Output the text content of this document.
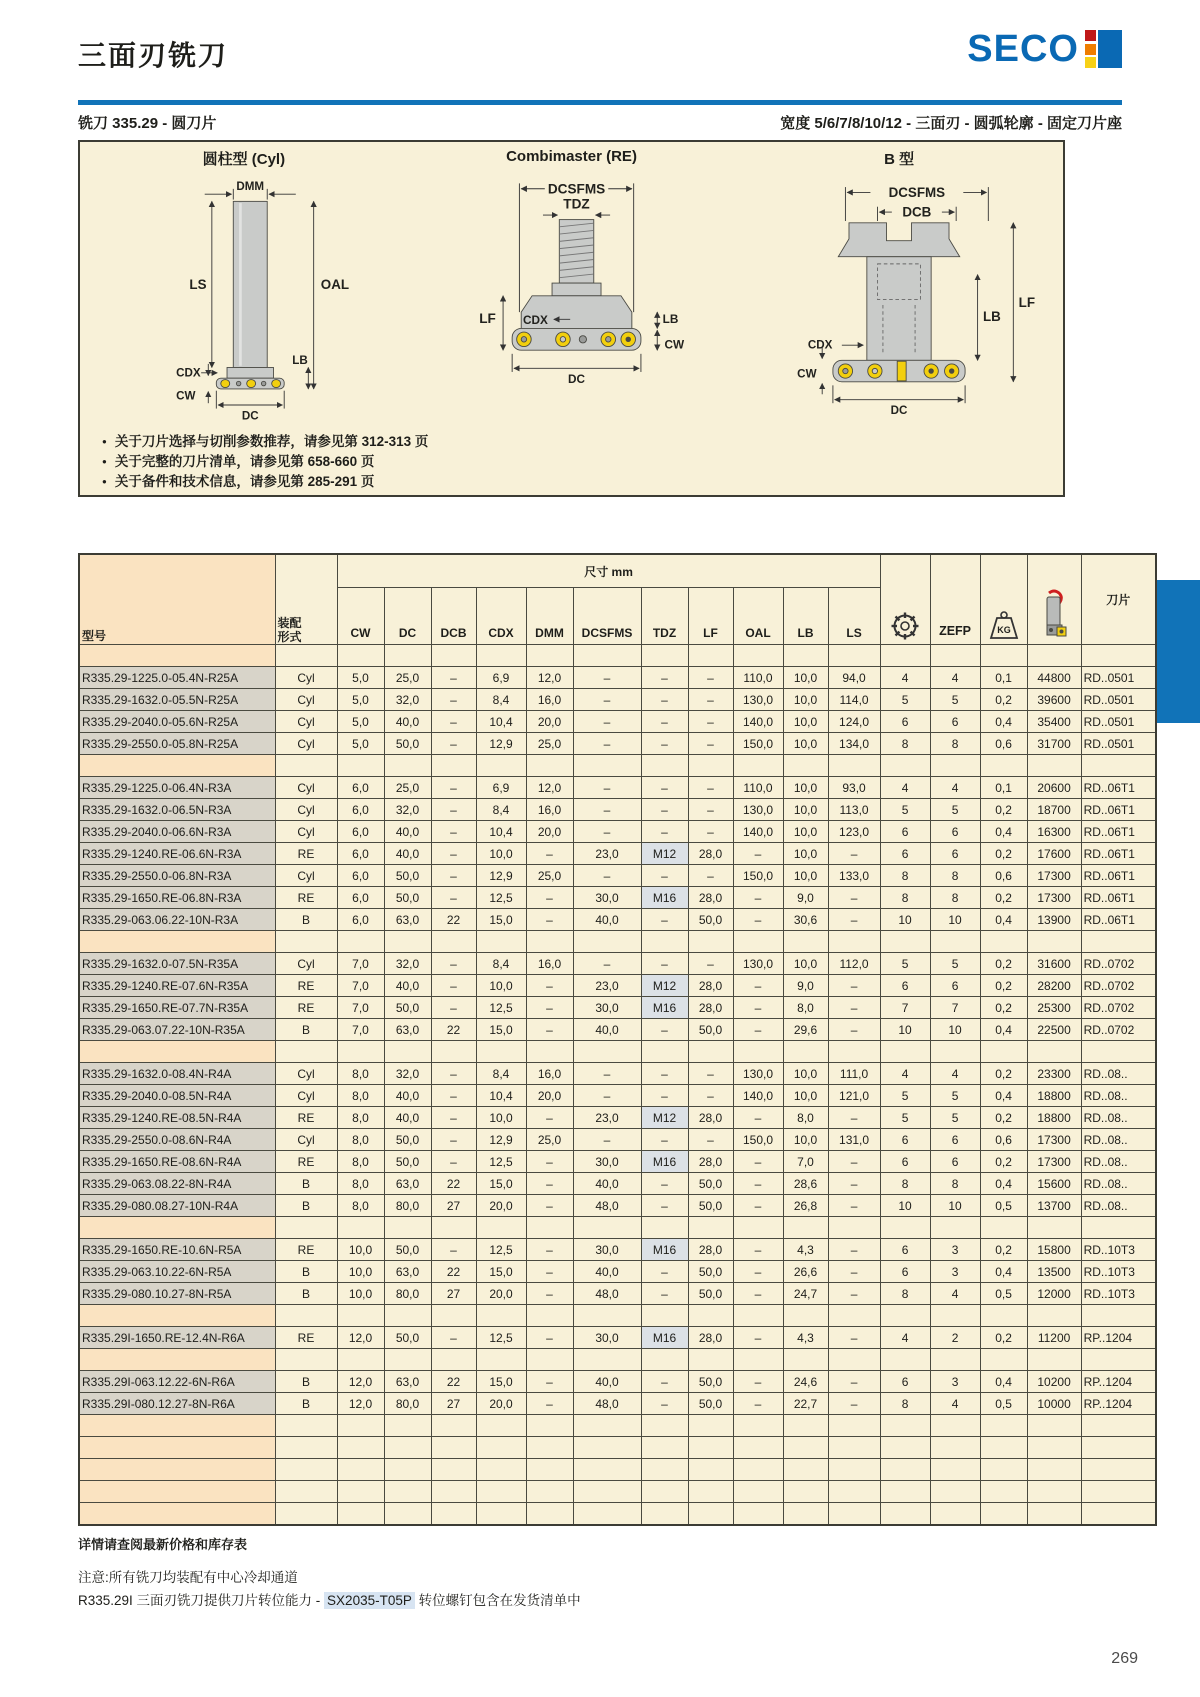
三面刃铣刀	SECO
铣刀 335.29 - 圆刀片	宽度 5/6/7/8/10/12 - 三面刃 - 圆弧轮廓 - 固定刀片座
圆柱型 (Cyl)
DMM
LS	OAL
CDX
CW
LB
DC
Combimaster (RE)
DCSFMS
TDZ
LF CDX	LB
CW
DC
B 型
DCSFMS
DCB
CDX
CW
LB
LF
DC
● 关于刀片选择与切削参数推荐，请参见第 312-313 页
● 关于完整的刀片清单，请参见第 658-660 页
● 关于备件和技术信息，请参见第 285-291 页
型号	装配
形式	尺寸 mm												ZEFP	KG		刀片
		CW	DC	DCB	CDX	DMM	DCSFMS	TDZ	LF	OAL	LB	LS					

R335.29-1225.0-05.4N-R25A	Cyl	5,0	25,0	–	6,9	12,0	–	–	–	110,0	10,0	94,0	4	4	0,1	44800	RD..0501
R335.29-1632.0-05.5N-R25A	Cyl	5,0	32,0	–	8,4	16,0	–	–	–	130,0	10,0	114,0	5	5	0,2	39600	RD..0501
R335.29-2040.0-05.6N-R25A	Cyl	5,0	40,0	–	10,4	20,0	–	–	–	140,0	10,0	124,0	6	6	0,4	35400	RD..0501
R335.29-2550.0-05.8N-R25A	Cyl	5,0	50,0	–	12,9	25,0	–	–	–	150,0	10,0	134,0	8	8	0,6	31700	RD..0501

R335.29-1225.0-06.4N-R3A	Cyl	6,0	25,0	–	6,9	12,0	–	–	–	110,0	10,0	93,0	4	4	0,1	20600	RD..06T1
R335.29-1632.0-06.5N-R3A	Cyl	6,0	32,0	–	8,4	16,0	–	–	–	130,0	10,0	113,0	5	5	0,2	18700	RD..06T1
R335.29-2040.0-06.6N-R3A	Cyl	6,0	40,0	–	10,4	20,0	–	–	–	140,0	10,0	123,0	6	6	0,4	16300	RD..06T1
R335.29-1240.RE-06.6N-R3A	RE	6,0	40,0	–	10,0	–	23,0	M12	28,0	–	10,0	–	6	6	0,2	17600	RD..06T1
R335.29-2550.0-06.8N-R3A	Cyl	6,0	50,0	–	12,9	25,0	–	–	–	150,0	10,0	133,0	8	8	0,6	17300	RD..06T1
R335.29-1650.RE-06.8N-R3A	RE	6,0	50,0	–	12,5	–	30,0	M16	28,0	–	9,0	–	8	8	0,2	17300	RD..06T1
R335.29-063.06.22-10N-R3A	B	6,0	63,0	22	15,0	–	40,0	–	50,0	–	30,6	–	10	10	0,4	13900	RD..06T1

R335.29-1632.0-07.5N-R35A	Cyl	7,0	32,0	–	8,4	16,0	–	–	–	130,0	10,0	112,0	5	5	0,2	31600	RD..0702
R335.29-1240.RE-07.6N-R35A	RE	7,0	40,0	–	10,0	–	23,0	M12	28,0	–	9,0	–	6	6	0,2	28200	RD..0702
R335.29-1650.RE-07.7N-R35A	RE	7,0	50,0	–	12,5	–	30,0	M16	28,0	–	8,0	–	7	7	0,2	25300	RD..0702
R335.29-063.07.22-10N-R35A	B	7,0	63,0	22	15,0	–	40,0	–	50,0	–	29,6	–	10	10	0,4	22500	RD..0702

R335.29-1632.0-08.4N-R4A	Cyl	8,0	32,0	–	8,4	16,0	–	–	–	130,0	10,0	111,0	4	4	0,2	23300	RD..08..
R335.29-2040.0-08.5N-R4A	Cyl	8,0	40,0	–	10,4	20,0	–	–	–	140,0	10,0	121,0	5	5	0,4	18800	RD..08..
R335.29-1240.RE-08.5N-R4A	RE	8,0	40,0	–	10,0	–	23,0	M12	28,0	–	8,0	–	5	5	0,2	18800	RD..08..
R335.29-2550.0-08.6N-R4A	Cyl	8,0	50,0	–	12,9	25,0	–	–	–	150,0	10,0	131,0	6	6	0,6	17300	RD..08..
R335.29-1650.RE-08.6N-R4A	RE	8,0	50,0	–	12,5	–	30,0	M16	28,0	–	7,0	–	6	6	0,2	17300	RD..08..
R335.29-063.08.22-8N-R4A	B	8,0	63,0	22	15,0	–	40,0	–	50,0	–	28,6	–	8	8	0,4	15600	RD..08..
R335.29-080.08.27-10N-R4A	B	8,0	80,0	27	20,0	–	48,0	–	50,0	–	26,8	–	10	10	0,5	13700	RD..08..

R335.29-1650.RE-10.6N-R5A	RE	10,0	50,0	–	12,5	–	30,0	M16	28,0	–	4,3	–	6	3	0,2	15800	RD..10T3
R335.29-063.10.22-6N-R5A	B	10,0	63,0	22	15,0	–	40,0	–	50,0	–	26,6	–	6	3	0,4	13500	RD..10T3
R335.29-080.10.27-8N-R5A	B	10,0	80,0	27	20,0	–	48,0	–	50,0	–	24,7	–	8	4	0,5	12000	RD..10T3

R335.29I-1650.RE-12.4N-R6A	RE	12,0	50,0	–	12,5	–	30,0	M16	28,0	–	4,3	–	4	2	0,2	11200	RP..1204

R335.29I-063.12.22-6N-R6A	B	12,0	63,0	22	15,0	–	40,0	–	50,0	–	24,6	–	6	3	0,4	10200	RP..1204
R335.29I-080.12.27-8N-R6A	B	12,0	80,0	27	20,0	–	48,0	–	50,0	–	22,7	–	8	4	0,5	10000	RP..1204

详情请查阅最新价格和库存表
注意:所有铣刀均装配有中心冷却通道
R335.29I 三面刃铣刀提供刀片转位能力 - SX2035-T05P 转位螺钉包含在发货清单中
269
